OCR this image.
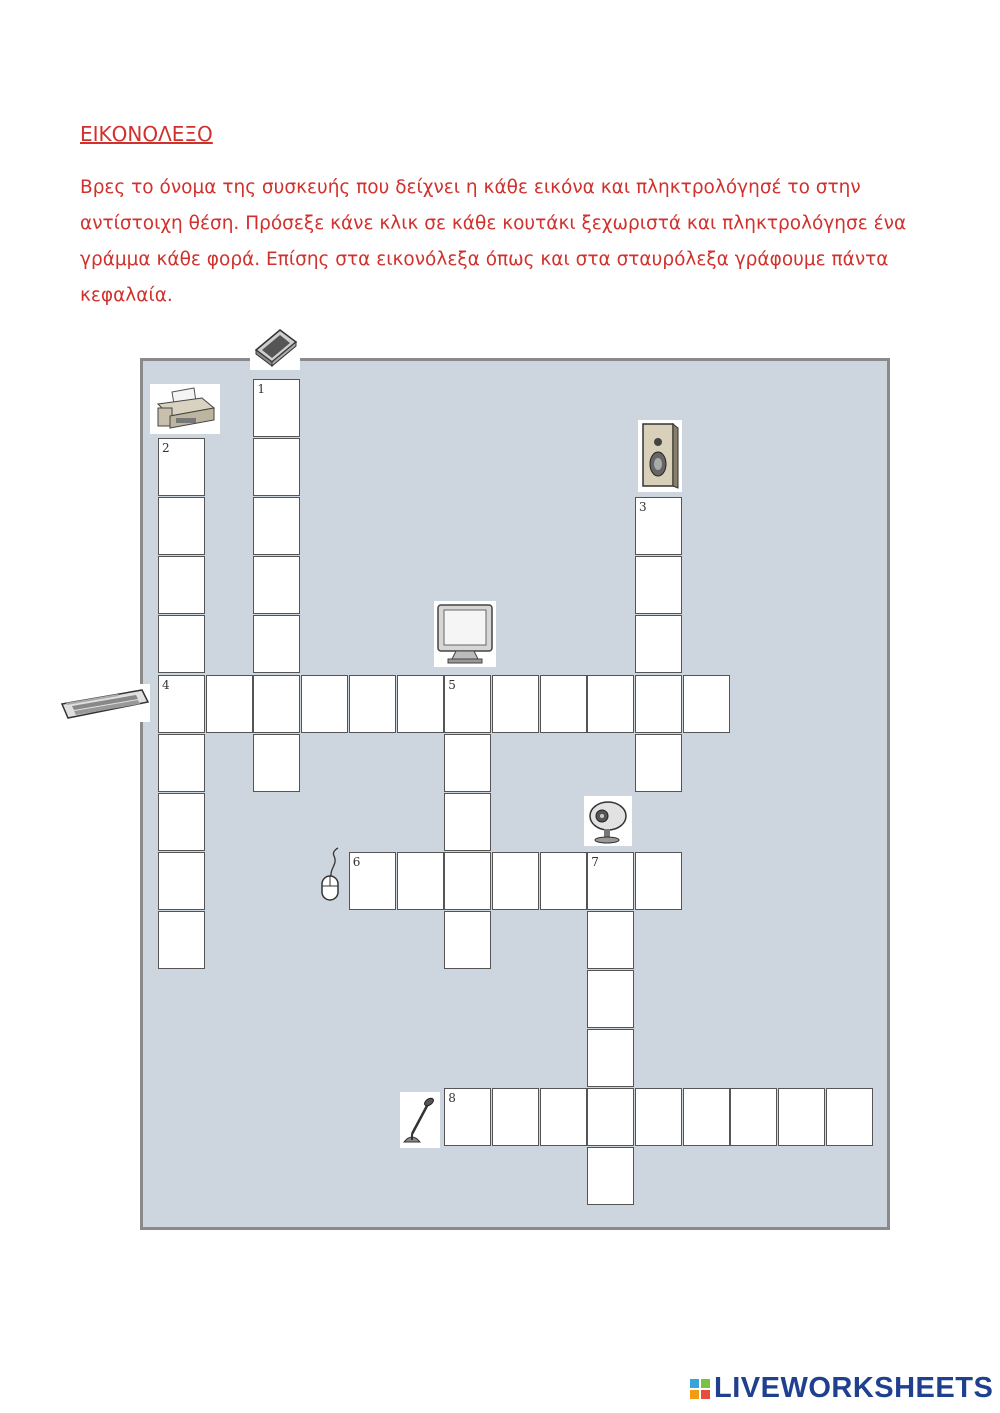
ΕΙΚΟΝΟΛΕΞΟ
Βρες το όνομα της συσκευής που δείχνει η κάθε εικόνα και πληκτρολόγησέ το στην αντίστοιχη θέση. Πρόσεξε κάνε κλικ σε κάθε κουτάκι ξεχωριστά και πληκτρολόγησε ένα γράμμα κάθε φορά. Επίσης στα εικονόλεξα όπως και στα σταυρόλεξα γράφουμε πάντα κεφαλαία.
1
2
4
3
5
6	7
8
LIVEWORKSHEETS
